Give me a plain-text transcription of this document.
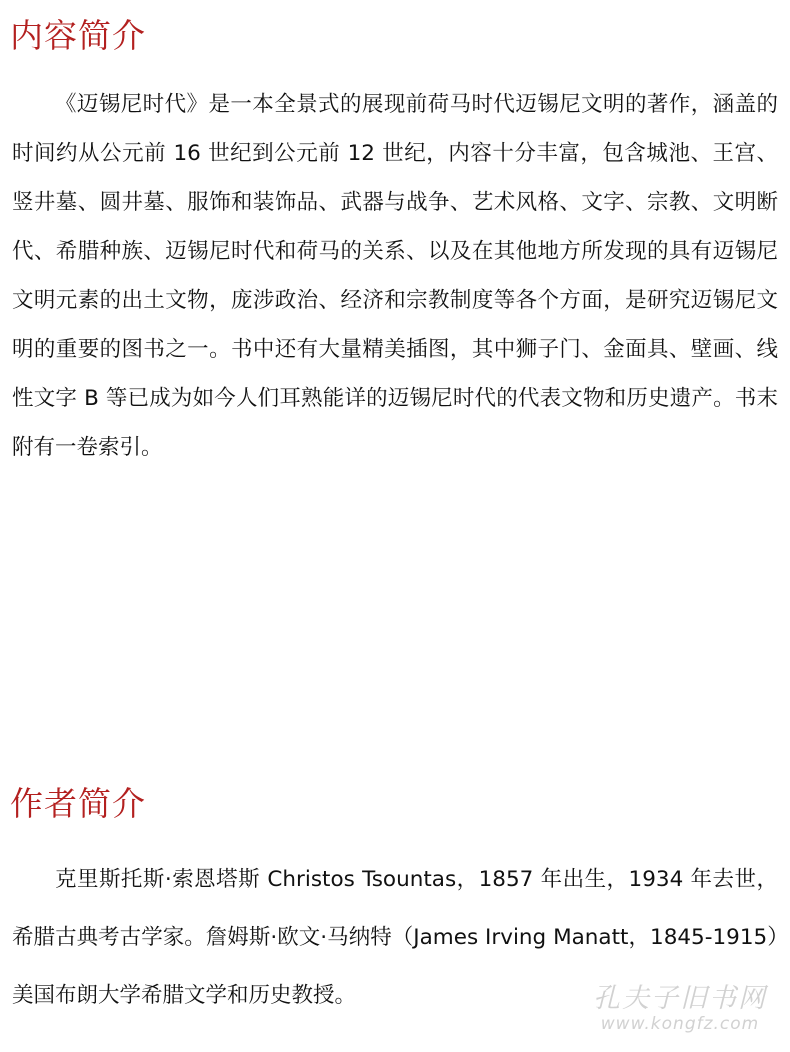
内容简介

《迈锡尼时代》是一本全景式的展现前荷马时代迈锡尼文明的著作，涵盖的时间约从公元前 16 世纪到公元前 12 世纪，内容十分丰富，包含城池、王宫、竖井墓、圆井墓、服饰和装饰品、武器与战争、艺术风格、文字、宗教、文明断代、希腊种族、迈锡尼时代和荷马的关系、以及在其他地方所发现的具有迈锡尼文明元素的出土文物，庞涉政治、经济和宗教制度等各个方面，是研究迈锡尼文明的重要的图书之一。书中还有大量精美插图，其中狮子门、金面具、壁画、线性文字 B 等已成为如今人们耳熟能详的迈锡尼时代的代表文物和历史遗产。书末附有一卷索引。

作者简介

克里斯托斯·索恩塔斯 Christos Tsountas，1857 年出生，1934 年去世，希腊古典考古学家。詹姆斯·欧文·马纳特（James Irving Manatt，1845-1915）美国布朗大学希腊文学和历史教授。	孔夫子旧书网
www.kongfz.com
